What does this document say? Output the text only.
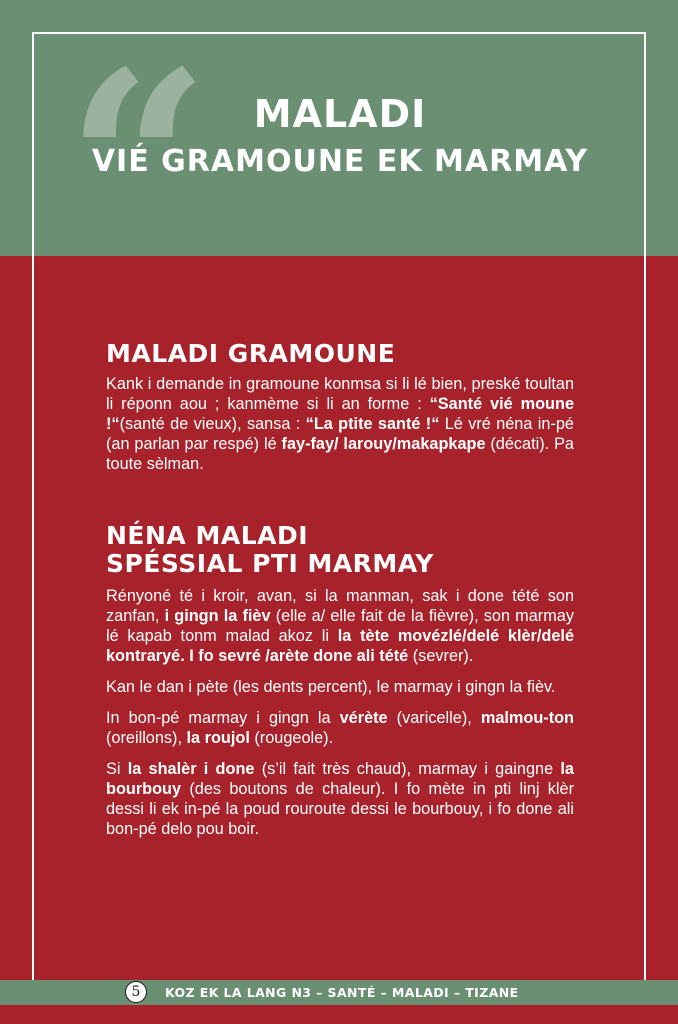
“	MALADI
VIÉ GRAMOUNE EK MARMAY
MALADI GRAMOUNE

Kank i demande in gramoune konmsa si li lé bien, preské toultan li réponn aou ; kanmème si li an forme : “Santé vié moune !“(santé de vieux), sansa : “La ptite santé !“ Lé vré néna in-pé (an parlan par respé) lé fay-fay/ larouy/makapkape (décati). Pa toute sèlman.

NÉNA MALADI
SPÉSSIAL PTI MARMAY

Rényoné té i kroir, avan, si la manman, sak i done tété son zanfan, i gingn la fièv (elle a/ elle fait de la fièvre), son marmay lé kapab tonm malad akoz li la tète movézlé/delé klèr/delé kontraryé. I fo sevré /arète done ali tété (sevrer).

Kan le dan i pète (les dents percent), le marmay i gingn la fièv.

In bon-pé marmay i gingn la vérète (varicelle), malmou-ton (oreillons), la roujol (rougeole).

Si la shalèr i done (s’il fait très chaud), marmay i gaingne la bourbouy (des boutons de chaleur). I fo mète in pti linj klèr dessi li ek in-pé la poud rouroute dessi le bourbouy, i fo done ali bon-pé delo pou boir.

5	KOZ EK LA LANG N3 – SANTÉ – MALADI – TIZANE
